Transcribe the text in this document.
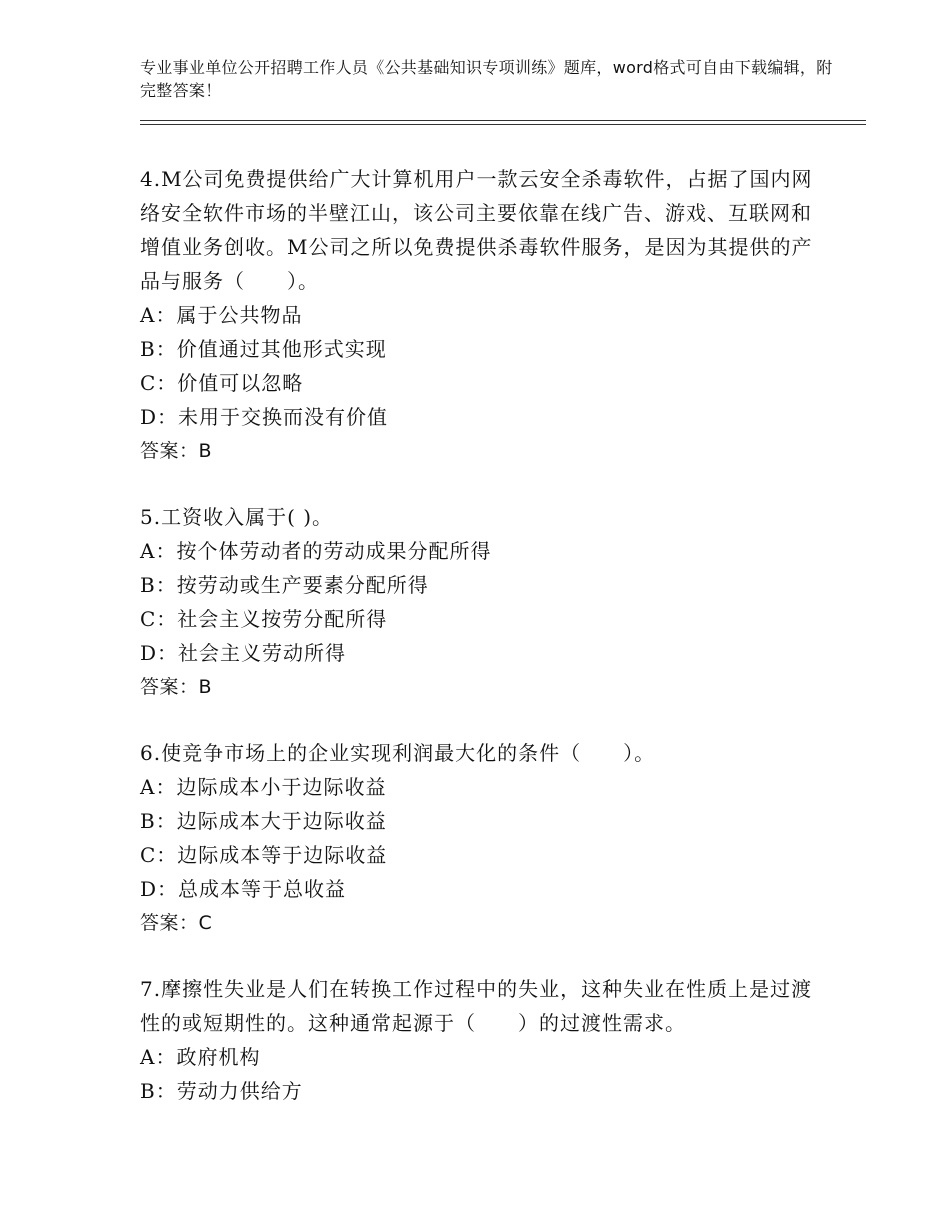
专业事业单位公开招聘工作人员《公共基础知识专项训练》题库，word格式可自由下载编辑，附完整答案！

4.M公司免费提供给广大计算机用户一款云安全杀毒软件，占据了国内网络安全软件市场的半壁江山，该公司主要依靠在线广告、游戏、互联网和增值业务创收。M公司之所以免费提供杀毒软件服务，是因为其提供的产品与服务（　　）。

A：属于公共物品

B：价值通过其他形式实现

C：价值可以忽略

D：未用于交换而没有价值

答案：B

5.工资收入属于( )。

A：按个体劳动者的劳动成果分配所得

B：按劳动或生产要素分配所得

C：社会主义按劳分配所得

D：社会主义劳动所得

答案：B

6.使竞争市场上的企业实现利润最大化的条件（　　）。

A：边际成本小于边际收益

B：边际成本大于边际收益

C：边际成本等于边际收益

D：总成本等于总收益

答案：C

7.摩擦性失业是人们在转换工作过程中的失业，这种失业在性质上是过渡性的或短期性的。这种通常起源于（　　）的过渡性需求。

A：政府机构

B：劳动力供给方
